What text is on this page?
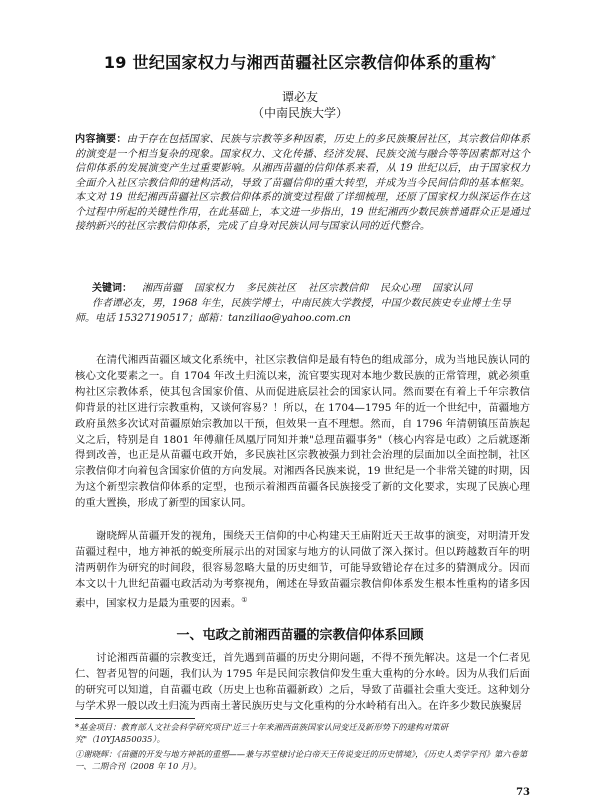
19 世纪国家权力与湘西苗疆社区宗教信仰体系的重构*
谭必友
（中南民族大学）
内容摘要：由于存在包括国家、民族与宗教等多种因素，历史上的多民族聚居社区，其宗教信仰体系的演变是一个相当复杂的现象。国家权力、文化传播、经济发展、民族交流与融合等等因素都对这个信仰体系的发展演变产生过重要影响。从湘西苗疆的信仰体系来看，从 19 世纪以后，由于国家权力全面介入社区宗教信仰的建构活动，导致了苗疆信仰的重大转型，并成为当今民间信仰的基本框架。本文对 19 世纪湘西苗疆社区宗教信仰体系的演变过程做了详细梳理，还原了国家权力纵深运作在这个过程中所起的关键性作用，在此基础上，本文进一步指出，19 世纪湘西少数民族普通群众正是通过接纳新兴的社区宗教信仰体系，完成了自身对民族认同与国家认同的近代整合。
关键词： 湘西苗疆 国家权力 多民族社区 社区宗教信仰 民众心理 国家认同
作者谭必友，男，1968 年生，民族学博士，中南民族大学教授，中国少数民族史专业博士生导师。电话 15327190517；邮箱：tanziliao@yahoo.com.cn

在清代湘西苗疆区域文化系统中，社区宗教信仰是最有特色的组成部分，成为当地民族认同的核心文化要素之一。自 1704 年改土归流以来，流官要实现对本地少数民族的正常管理，就必须重构社区宗教体系，使其包含国家价值、从而促进底层社会的国家认同。然而要在有着上千年宗教信仰背景的社区进行宗教重构，又谈何容易？！所以，在 1704—1795 年的近一个世纪中，苗疆地方政府虽然多次试对苗疆原始宗教加以干预，但效果一直不理想。然而，自 1796 年清朝镇压苗族起义之后，特别是自 1801 年傅鼐任凤凰厅同知并兼"总理苗疆事务"（核心内容是屯政）之后就逐渐得到改善，也正是从苗疆屯政开始，多民族社区宗教被强力到社会治理的层面加以全面控制，社区宗教信仰才向着包含国家价值的方向发展。对湘西各民族来说，19 世纪是一个非常关键的时期，因为这个新型宗教信仰体系的定型，也预示着湘西苗疆各民族接受了新的文化要求，实现了民族心理的重大置换，形成了新型的国家认同。

谢晓辉从苗疆开发的视角，围绕天王信仰的中心构建天王庙附近天王故事的演变，对明清开发苗疆过程中，地方神祇的蜕变所展示出的对国家与地方的认同做了深入探讨。但以跨越数百年的明清两朝作为研究的时间段，很容易忽略大量的历史细节，可能导致错论存在过多的猜测成分。因而本文以十九世纪苗疆屯政活动为考察视角，阐述在导致苗疆宗教信仰体系发生根本性重构的诸多因素中，国家权力是最为重要的因素。①

一、屯政之前湘西苗疆的宗教信仰体系回顾

讨论湘西苗疆的宗教变迁，首先遇到苗疆的历史分期问题，不得不预先解决。这是一个仁者见仁、智者见智的问题，我们认为 1795 年是民间宗教信仰发生重大重构的分水岭。因为从我们后面的研究可以知道，自苗疆屯政（历史上也称苗疆新政）之后，导致了苗疆社会重大变迁。这种划分与学术界一般以改土归流为西南土著民族历史与文化重构的分水岭稍有出入。在许多少数民族聚居

*基金项目：教育部人文社会科学研究项目"近三十年来湘西苗族国家认同变迁及新形势下的建构对策研究"（10YJA850035）。
①谢晓辉：《苗疆的开发与地方神祇的重塑——兼与苏堂棣讨论白帝天王传说变迁的历史情境》，《历史人类学学刊》第六卷第一、二期合刊（2008 年 10 月）。
73
